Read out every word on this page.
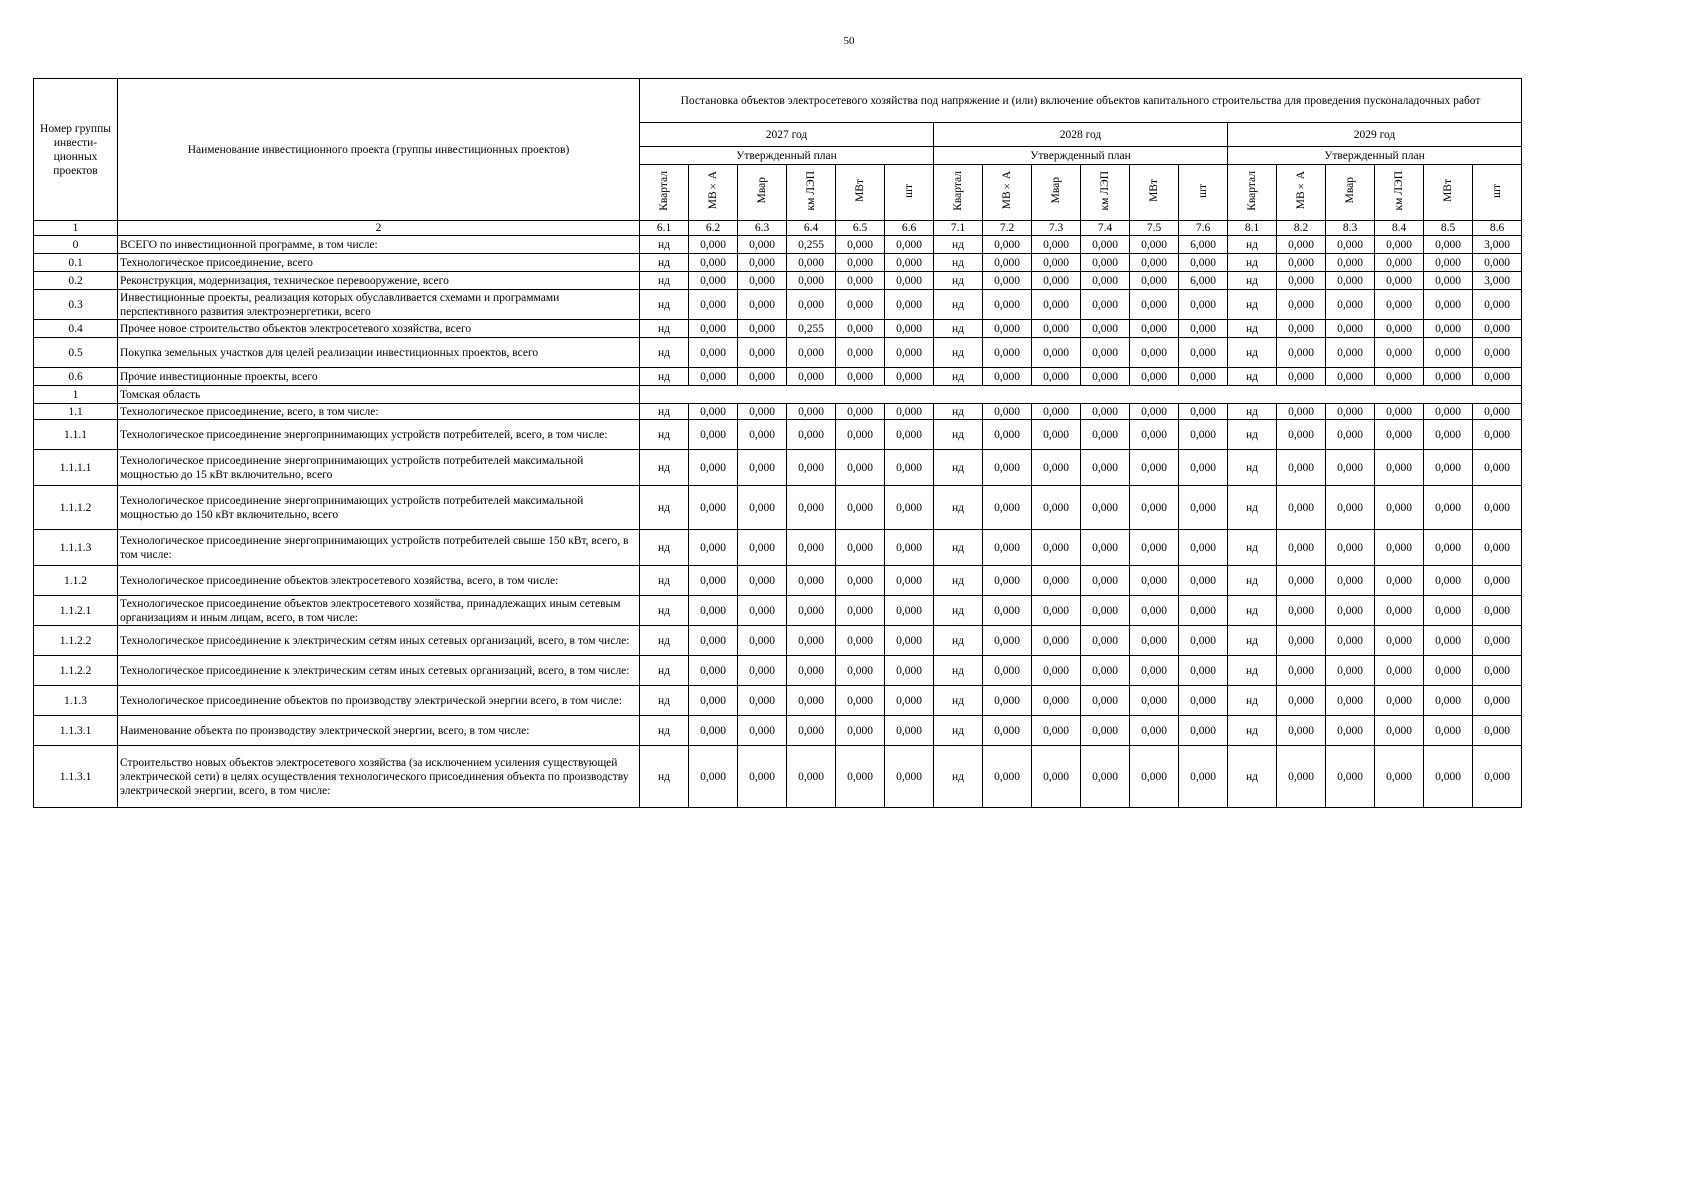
50
Номер группы инвести-ционных проектов	Наименование инвестиционного проекта (группы инвестиционных проектов)	Постановка объектов электросетевого хозяйства под напряжение и (или) включение объектов капитального строительства для проведения пусконаладочных работ																	
		2027 год						2028 год						2029 год					
		Утвержденный план						Утвержденный план						Утвержденный план					
		Квартал	МВ×А	Мвар	км ЛЭП	МВт	шт	Квартал	МВ×А	Мвар	км ЛЭП	МВт	шт	Квартал	МВ×А	Мвар	км ЛЭП	МВт	шт
1	2	6.1	6.2	6.3	6.4	6.5	6.6	7.1	7.2	7.3	7.4	7.5	7.6	8.1	8.2	8.3	8.4	8.5	8.6
0	ВСЕГО по инвестиционной программе, в том числе:	нд	0,000	0,000	0,255	0,000	0,000	нд	0,000	0,000	0,000	0,000	6,000	нд	0,000	0,000	0,000	0,000	3,000
0.1	Технологическое присоединение, всего	нд	0,000	0,000	0,000	0,000	0,000	нд	0,000	0,000	0,000	0,000	0,000	нд	0,000	0,000	0,000	0,000	0,000
0.2	Реконструкция, модернизация, техническое перевооружение, всего	нд	0,000	0,000	0,000	0,000	0,000	нд	0,000	0,000	0,000	0,000	6,000	нд	0,000	0,000	0,000	0,000	3,000
0.3	Инвестиционные проекты, реализация которых обуславливается схемами и программами перспективного развития электроэнергетики, всего	нд	0,000	0,000	0,000	0,000	0,000	нд	0,000	0,000	0,000	0,000	0,000	нд	0,000	0,000	0,000	0,000	0,000
0.4	Прочее новое строительство объектов электросетевого хозяйства, всего	нд	0,000	0,000	0,255	0,000	0,000	нд	0,000	0,000	0,000	0,000	0,000	нд	0,000	0,000	0,000	0,000	0,000
0.5	Покупка земельных участков для целей реализации инвестиционных проектов, всего	нд	0,000	0,000	0,000	0,000	0,000	нд	0,000	0,000	0,000	0,000	0,000	нд	0,000	0,000	0,000	0,000	0,000
0.6	Прочие инвестиционные проекты, всего	нд	0,000	0,000	0,000	0,000	0,000	нд	0,000	0,000	0,000	0,000	0,000	нд	0,000	0,000	0,000	0,000	0,000
1	Томская область																		
1.1	Технологическое присоединение, всего, в том числе:	нд	0,000	0,000	0,000	0,000	0,000	нд	0,000	0,000	0,000	0,000	0,000	нд	0,000	0,000	0,000	0,000	0,000
1.1.1	Технологическое присоединение энергопринимающих устройств потребителей, всего, в том числе:	нд	0,000	0,000	0,000	0,000	0,000	нд	0,000	0,000	0,000	0,000	0,000	нд	0,000	0,000	0,000	0,000	0,000
1.1.1.1	Технологическое присоединение энергопринимающих устройств потребителей максимальной мощностью до 15 кВт включительно, всего	нд	0,000	0,000	0,000	0,000	0,000	нд	0,000	0,000	0,000	0,000	0,000	нд	0,000	0,000	0,000	0,000	0,000
1.1.1.2	Технологическое присоединение энергопринимающих устройств потребителей максимальной мощностью до 150 кВт включительно, всего	нд	0,000	0,000	0,000	0,000	0,000	нд	0,000	0,000	0,000	0,000	0,000	нд	0,000	0,000	0,000	0,000	0,000
1.1.1.3	Технологическое присоединение энергопринимающих устройств потребителей свыше 150 кВт, всего, в том числе:	нд	0,000	0,000	0,000	0,000	0,000	нд	0,000	0,000	0,000	0,000	0,000	нд	0,000	0,000	0,000	0,000	0,000
1.1.2	Технологическое присоединение объектов электросетевого хозяйства, всего, в том числе:	нд	0,000	0,000	0,000	0,000	0,000	нд	0,000	0,000	0,000	0,000	0,000	нд	0,000	0,000	0,000	0,000	0,000
1.1.2.1	Технологическое присоединение объектов электросетевого хозяйства, принадлежащих иным сетевым организациям и иным лицам, всего, в том числе:	нд	0,000	0,000	0,000	0,000	0,000	нд	0,000	0,000	0,000	0,000	0,000	нд	0,000	0,000	0,000	0,000	0,000
1.1.2.2	Технологическое присоединение к электрическим сетям иных сетевых организаций, всего, в том числе:	нд	0,000	0,000	0,000	0,000	0,000	нд	0,000	0,000	0,000	0,000	0,000	нд	0,000	0,000	0,000	0,000	0,000
1.1.2.2	Технологическое присоединение к электрическим сетям иных сетевых организаций, всего, в том числе:	нд	0,000	0,000	0,000	0,000	0,000	нд	0,000	0,000	0,000	0,000	0,000	нд	0,000	0,000	0,000	0,000	0,000
1.1.3	Технологическое присоединение объектов по производству электрической энергии всего, в том числе:	нд	0,000	0,000	0,000	0,000	0,000	нд	0,000	0,000	0,000	0,000	0,000	нд	0,000	0,000	0,000	0,000	0,000
1.1.3.1	Наименование объекта по производству электрической энергии, всего, в том числе:	нд	0,000	0,000	0,000	0,000	0,000	нд	0,000	0,000	0,000	0,000	0,000	нд	0,000	0,000	0,000	0,000	0,000
1.1.3.1	Строительство новых объектов электросетевого хозяйства (за исключением усиления существующей электрической сети) в целях осуществления технологического присоединения объекта по производству электрической энергии, всего, в том числе:	нд	0,000	0,000	0,000	0,000	0,000	нд	0,000	0,000	0,000	0,000	0,000	нд	0,000	0,000	0,000	0,000	0,000
